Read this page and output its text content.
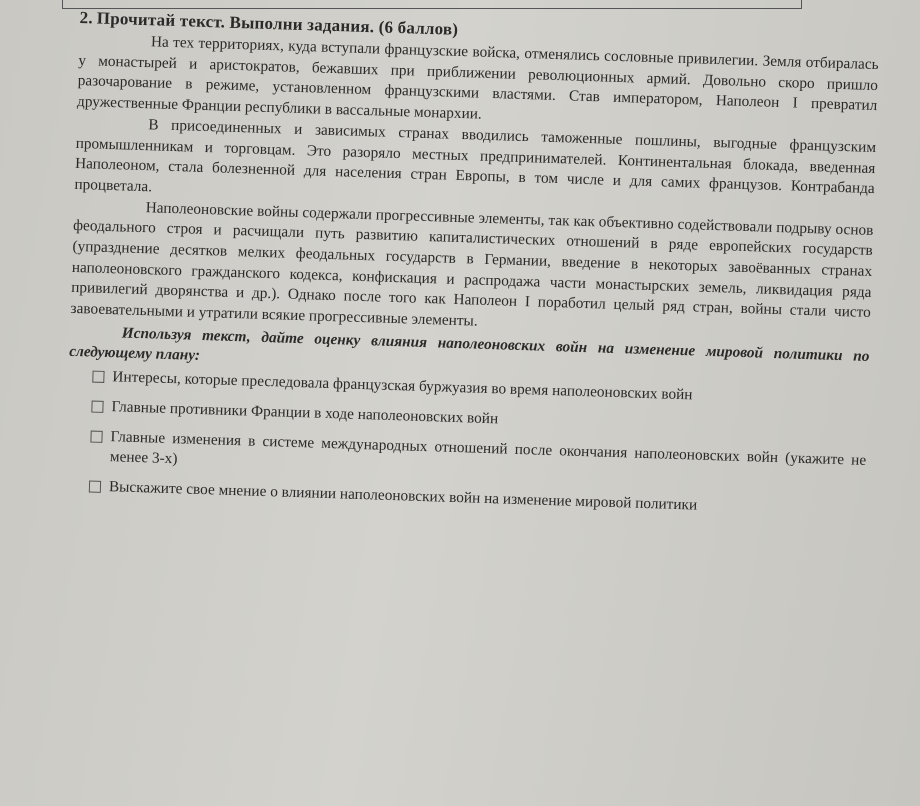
2. Прочитай текст. Выполни задания. (6 баллов)

На тех территориях, куда вступали французские войска, отменялись сословные привилегии. Земля отбиралась у монастырей и аристократов, бежавших при приближении революционных армий. Довольно скоро пришло разочарование в режиме, установленном французскими властями. Став императором, Наполеон I превратил дружественные Франции республики в вассальные монархии.

В присоединенных и зависимых странах вводились таможенные пошлины, выгодные французским промышленникам и торговцам. Это разоряло местных предпринимателей. Континентальная блокада, введенная Наполеоном, стала болезненной для населения стран Европы, в том числе и для самих французов. Контрабанда процветала.

Наполеоновские войны содержали прогрессивные элементы, так как объективно содействовали подрыву основ феодального строя и расчищали путь развитию капиталистических отношений в ряде европейских государств (упразднение десятков мелких феодальных государств в Германии, введение в некоторых завоёванных странах наполеоновского гражданского кодекса, конфискация и распродажа части монастырских земель, ликвидация ряда привилегий дворянства и др.). Однако после того как Наполеон I поработил целый ряд стран, войны стали чисто завоевательными и утратили всякие прогрессивные элементы.

Используя текст, дайте оценку влияния наполеоновских войн на изменение мировой политики по следующему плану:
Интересы, которые преследовала французская буржуазия во время наполеоновских войн
Главные противники Франции в ходе наполеоновских войн
Главные изменения в системе международных отношений после окончания наполеоновских войн (укажите не менее 3-х)
Выскажите свое мнение о влиянии наполеоновских войн на изменение мировой политики
